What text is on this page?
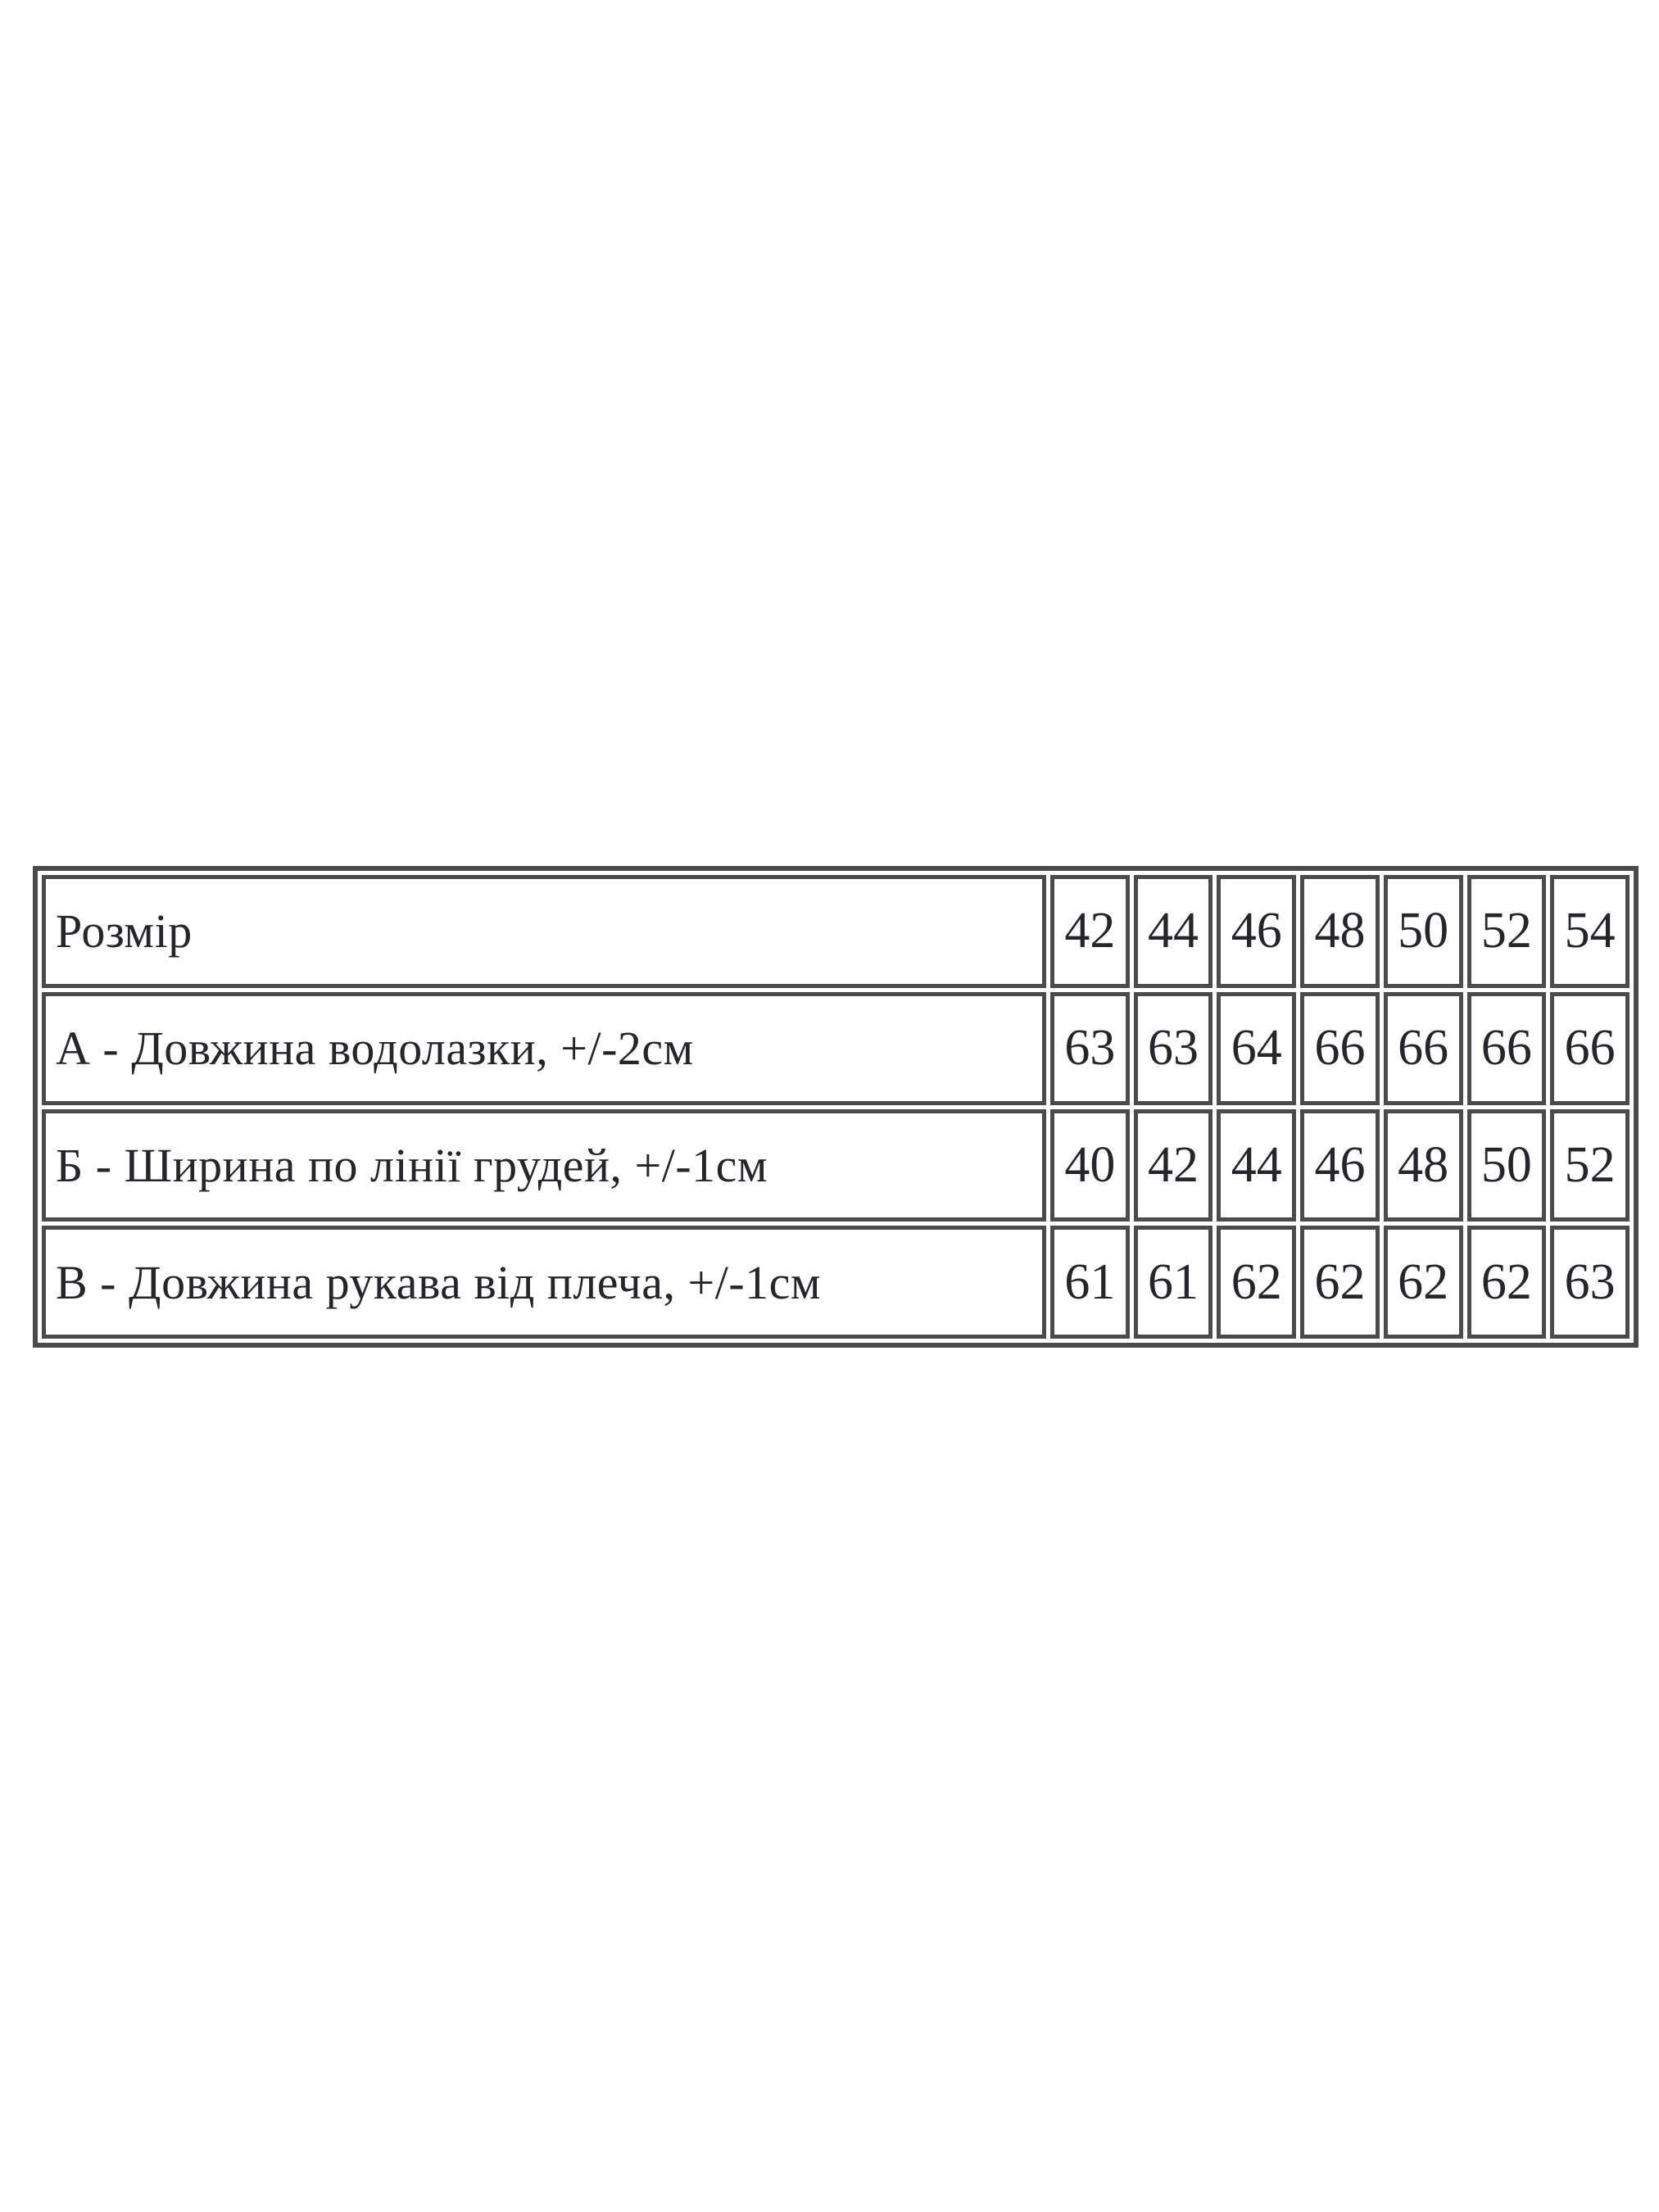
Розмір	42	44	46	48	50	52	54
А - Довжина водолазки, +/-2см	63	63	64	66	66	66	66
Б - Ширина по лінії грудей, +/-1см	40	42	44	46	48	50	52
В - Довжина рукава від плеча, +/-1см	61	61	62	62	62	62	63
